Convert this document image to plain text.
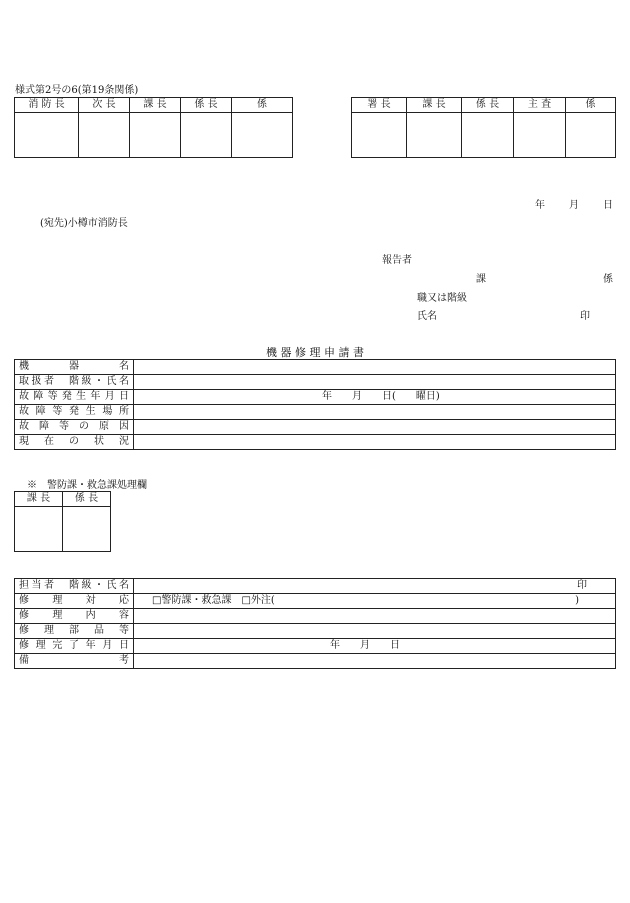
様式第2号の6(第19条関係)
消 防 長	次 長	課 長	係 長	係
					署 長	課 長	係 長	主 査	係

年 月 日
(宛先)小樽市消防長
報告者
課	係
職又は階級
氏名	印
機 器 修 理 申 請 書
機　　器　　名	
取扱者　階級・氏名	
故障等発生年月日	年　　月　　日(　　曜日)
故障等発生場所	
故障等の原因	
現在の状況	
※　警防課・救急課処理欄
課 長	係 長

担当者　階級・氏名	印

修理対応	□警防課・救急課　□外注( )

修理内容	
修理部品等	
修理完了年月日	年　　月　　日
備考	
